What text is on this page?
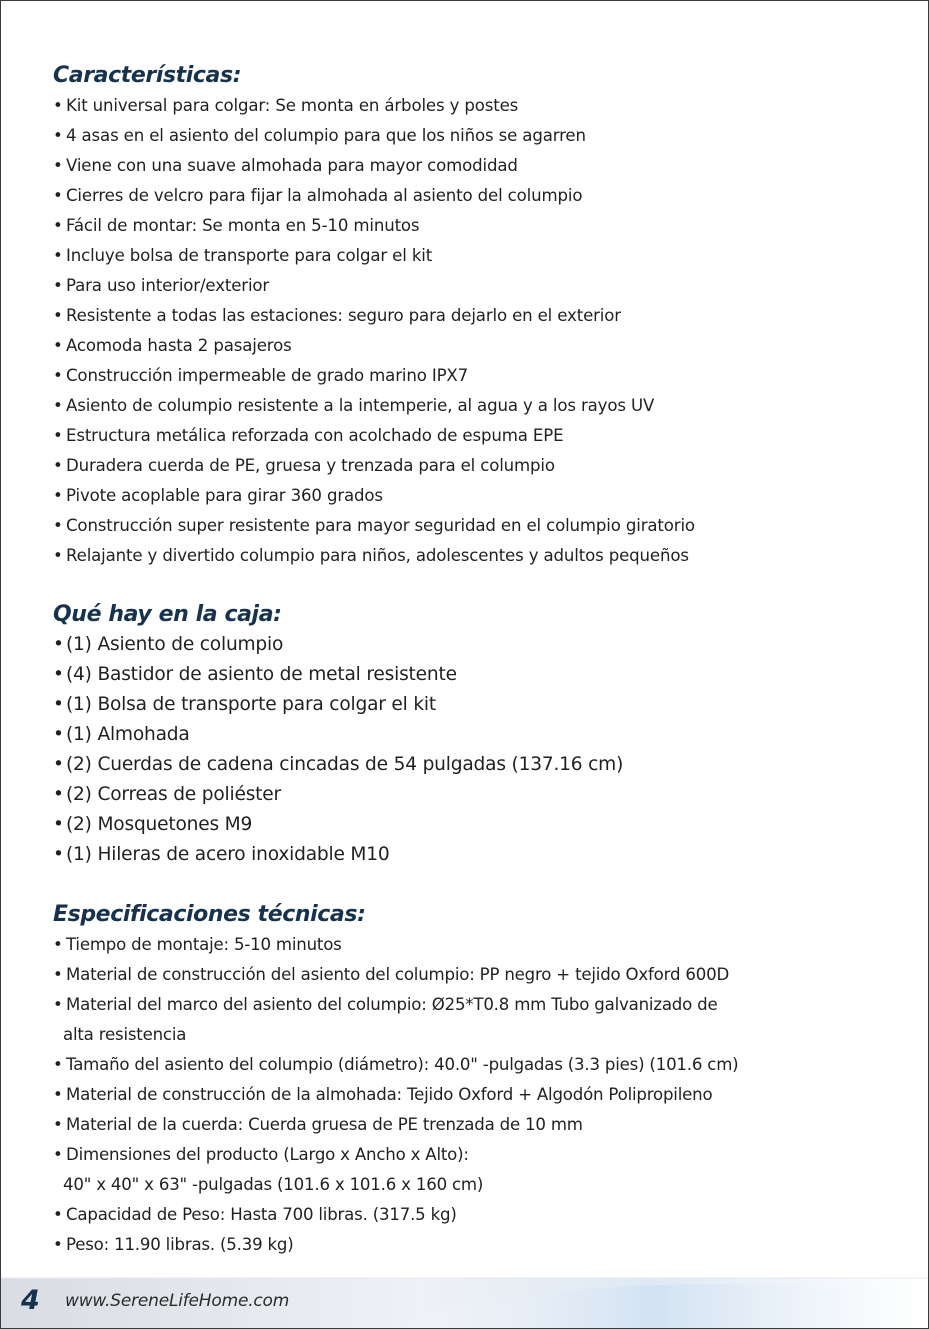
Características:
• Kit universal para colgar: Se monta en árboles y postes
• 4 asas en el asiento del columpio para que los niños se agarren
• Viene con una suave almohada para mayor comodidad
• Cierres de velcro para fijar la almohada al asiento del columpio
• Fácil de montar: Se monta en 5-10 minutos
• Incluye bolsa de transporte para colgar el kit
• Para uso interior/exterior
• Resistente a todas las estaciones: seguro para dejarlo en el exterior
• Acomoda hasta 2 pasajeros
• Construcción impermeable de grado marino IPX7
• Asiento de columpio resistente a la intemperie, al agua y a los rayos UV
• Estructura metálica reforzada con acolchado de espuma EPE
• Duradera cuerda de PE, gruesa y trenzada para el columpio
• Pivote acoplable para girar 360 grados
• Construcción super resistente para mayor seguridad en el columpio giratorio
• Relajante y divertido columpio para niños, adolescentes y adultos pequeños
Qué hay en la caja:
• (1) Asiento de columpio
• (4) Bastidor de asiento de metal resistente
• (1) Bolsa de transporte para colgar el kit
• (1) Almohada
• (2) Cuerdas de cadena cincadas de 54 pulgadas (137.16 cm)
• (2) Correas de poliéster
• (2) Mosquetones M9
• (1) Hileras de acero inoxidable M10
Especificaciones técnicas:
• Tiempo de montaje: 5-10 minutos
• Material de construcción del asiento del columpio: PP negro + tejido Oxford 600D
• Material del marco del asiento del columpio: Ø25*T0.8 mm Tubo galvanizado de
alta resistencia
• Tamaño del asiento del columpio (diámetro): 40.0" -pulgadas (3.3 pies) (101.6 cm)
• Material de construcción de la almohada: Tejido Oxford + Algodón Polipropileno
• Material de la cuerda: Cuerda gruesa de PE trenzada de 10 mm
• Dimensiones del producto (Largo x Ancho x Alto):
40" x 40" x 63" -pulgadas (101.6 x 101.6 x 160 cm)
• Capacidad de Peso: Hasta 700 libras. (317.5 kg)
• Peso: 11.90 libras. (5.39 kg)
4 www.SereneLifeHome.com
